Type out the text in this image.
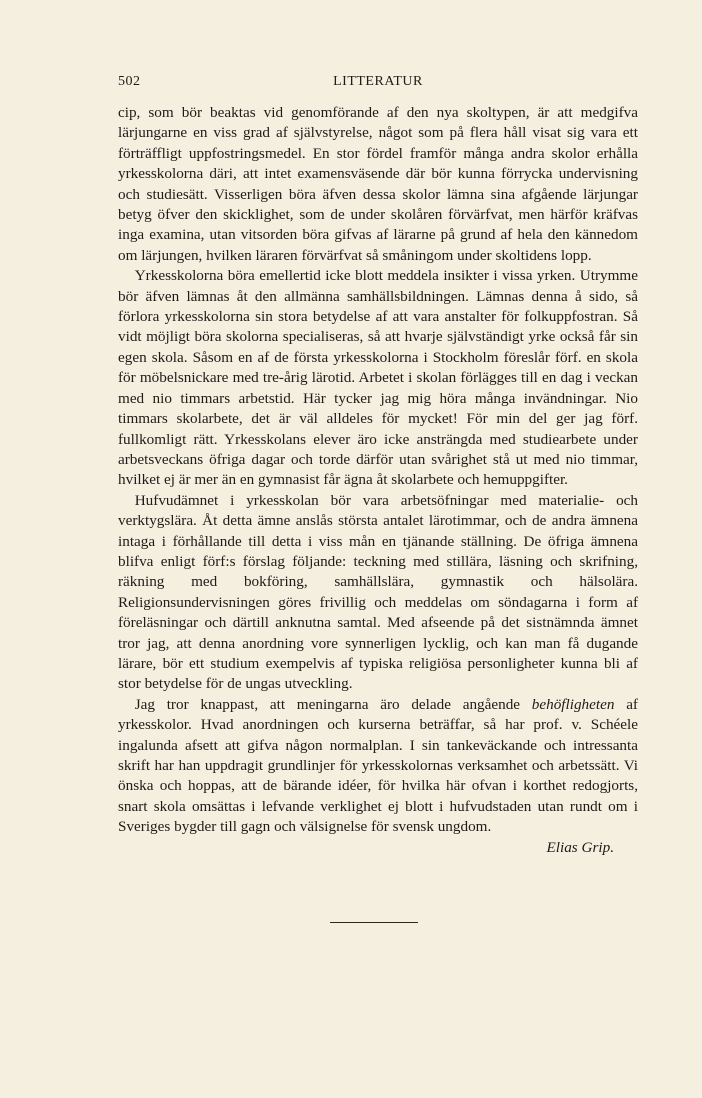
502	LITTERATUR

cip, som bör beaktas vid genomförande af den nya skoltypen, är att medgifva lärjungarne en viss grad af självstyrelse, något som på flera håll visat sig vara ett förträffligt uppfostringsmedel. En stor fördel framför många andra skolor erhålla yrkesskolorna däri, att intet examensväsende där bör kunna förrycka undervisning och studiesätt. Visserligen böra äfven dessa skolor lämna sina afgående lärjungar betyg öfver den skicklighet, som de under skolåren förvärfvat, men härför kräfvas inga examina, utan vitsorden böra gifvas af lärarne på grund af hela den kännedom om lärjungen, hvilken läraren förvärfvat så småningom under skoltidens lopp.

Yrkesskolorna böra emellertid icke blott meddela insikter i vissa yrken. Utrymme bör äfven lämnas åt den allmänna samhällsbildningen. Lämnas denna å sido, så förlora yrkesskolorna sin stora betydelse af att vara anstalter för folkuppfostran. Så vidt möjligt böra skolorna specialiseras, så att hvarje självständigt yrke också får sin egen skola. Såsom en af de första yrkesskolorna i Stockholm föreslår förf. en skola för möbelsnickare med tre-årig lärotid. Arbetet i skolan förlägges till en dag i veckan med nio timmars arbetstid. Här tycker jag mig höra många invändningar. Nio timmars skolarbete, det är väl alldeles för mycket! För min del ger jag förf. fullkomligt rätt. Yrkesskolans elever äro icke ansträngda med studiearbete under arbetsveckans öfriga dagar och torde därför utan svårighet stå ut med nio timmar, hvilket ej är mer än en gymnasist får ägna åt skolarbete och hemuppgifter.

Hufvudämnet i yrkesskolan bör vara arbetsöfningar med materialie- och verktygslära. Åt detta ämne anslås största antalet lärotimmar, och de andra ämnena intaga i förhållande till detta i viss mån en tjänande ställning. De öfriga ämnena blifva enligt förf:s förslag följande: teckning med stillära, läsning och skrifning, räkning med bokföring, samhällslära, gymnastik och hälsolära. Religionsundervisningen göres frivillig och meddelas om söndagarna i form af föreläsningar och därtill anknutna samtal. Med afseende på det sistnämnda ämnet tror jag, att denna anordning vore synnerligen lycklig, och kan man få dugande lärare, bör ett studium exempelvis af typiska religiösa personligheter kunna bli af stor betydelse för de ungas utveckling.

Jag tror knappast, att meningarna äro delade angående behöfligheten af yrkesskolor. Hvad anordningen och kurserna beträffar, så har prof. v. Schéele ingalunda afsett att gifva någon normalplan. I sin tankeväckande och intressanta skrift har han uppdragit grundlinjer för yrkesskolornas verksamhet och arbetssätt. Vi önska och hoppas, att de bärande idéer, för hvilka här ofvan i korthet redogjorts, snart skola omsättas i lefvande verklighet ej blott i hufvudstaden utan rundt om i Sveriges bygder till gagn och välsignelse för svensk ungdom.

Elias Grip.
